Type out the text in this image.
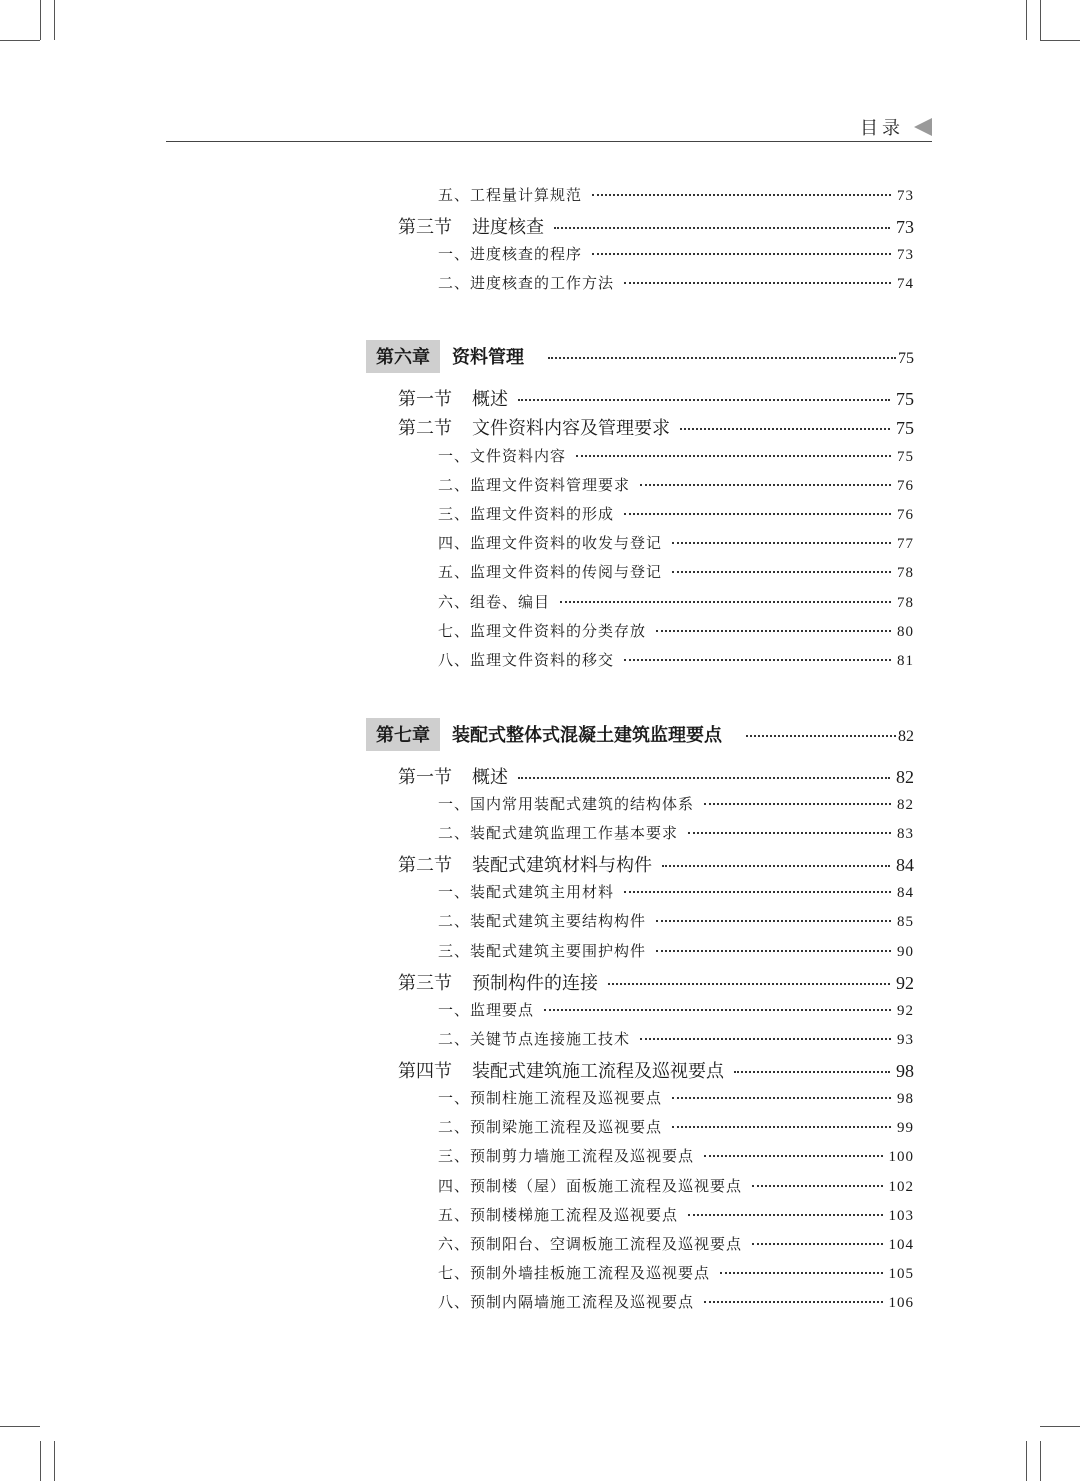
目录
五、工程量计算规范	73
第三节 进度核查	73
一、进度核查的程序	73
二、进度核查的工作方法	74
第六章 资料管理	75
第一节 概述	75
第二节 文件资料内容及管理要求	75
一、文件资料内容	75
二、监理文件资料管理要求	76
三、监理文件资料的形成	76
四、监理文件资料的收发与登记	77
五、监理文件资料的传阅与登记	78
六、组卷、编目	78
七、监理文件资料的分类存放	80
八、监理文件资料的移交	81
第七章 装配式整体式混凝土建筑监理要点	82
第一节 概述	82
一、国内常用装配式建筑的结构体系	82
二、装配式建筑监理工作基本要求	83
第二节 装配式建筑材料与构件	84
一、装配式建筑主用材料	84
二、装配式建筑主要结构构件	85
三、装配式建筑主要围护构件	90
第三节 预制构件的连接	92
一、监理要点	92
二、关键节点连接施工技术	93
第四节 装配式建筑施工流程及巡视要点	98
一、预制柱施工流程及巡视要点	98
二、预制梁施工流程及巡视要点	99
三、预制剪力墙施工流程及巡视要点	100
四、预制楼（屋）面板施工流程及巡视要点	102
五、预制楼梯施工流程及巡视要点	103
六、预制阳台、空调板施工流程及巡视要点	104
七、预制外墙挂板施工流程及巡视要点	105
八、预制内隔墙施工流程及巡视要点	106
